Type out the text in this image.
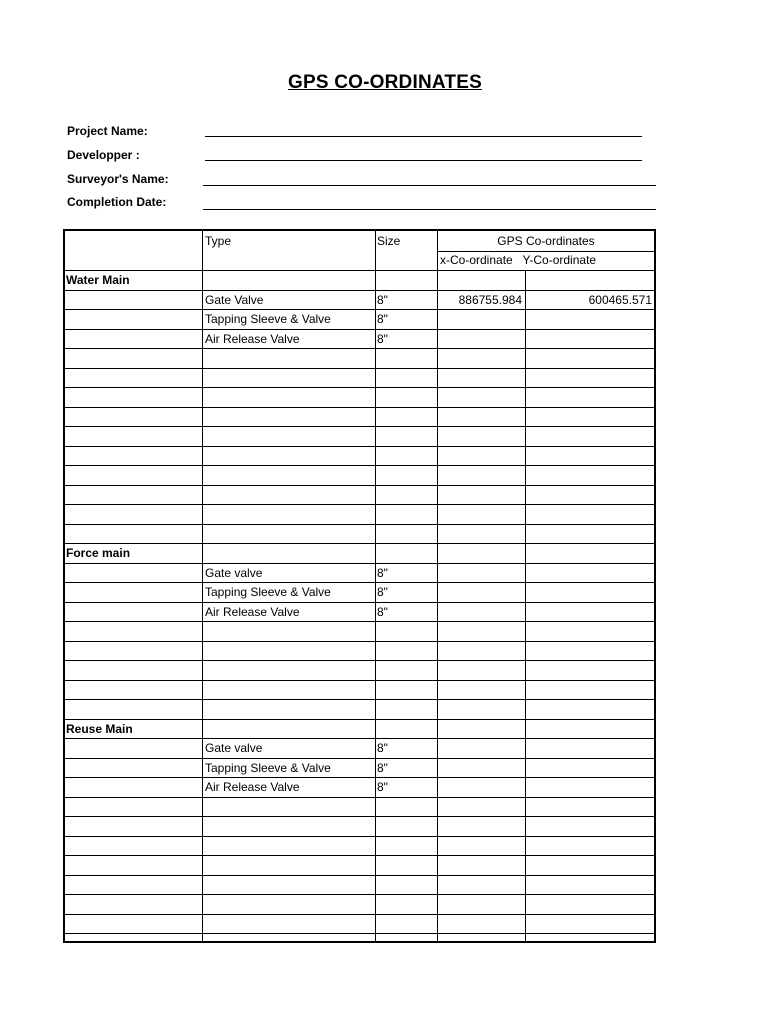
GPS CO-ORDINATES
Project Name:
Developper :
Surveyor's Name:
Completion Date:
Type	Size	GPS Co-ordinates
x-Co-ordinate   Y-Co-ordinate
Water Main
Gate Valve	8"	886755.984	600465.571
Tapping Sleeve & Valve	8"
Air Release Valve	8"
Force main
Gate valve	8"
Tapping Sleeve & Valve	8"
Air Release Valve	8"
Reuse Main
Gate valve	8"
Tapping Sleeve & Valve	8"
Air Release Valve	8"
